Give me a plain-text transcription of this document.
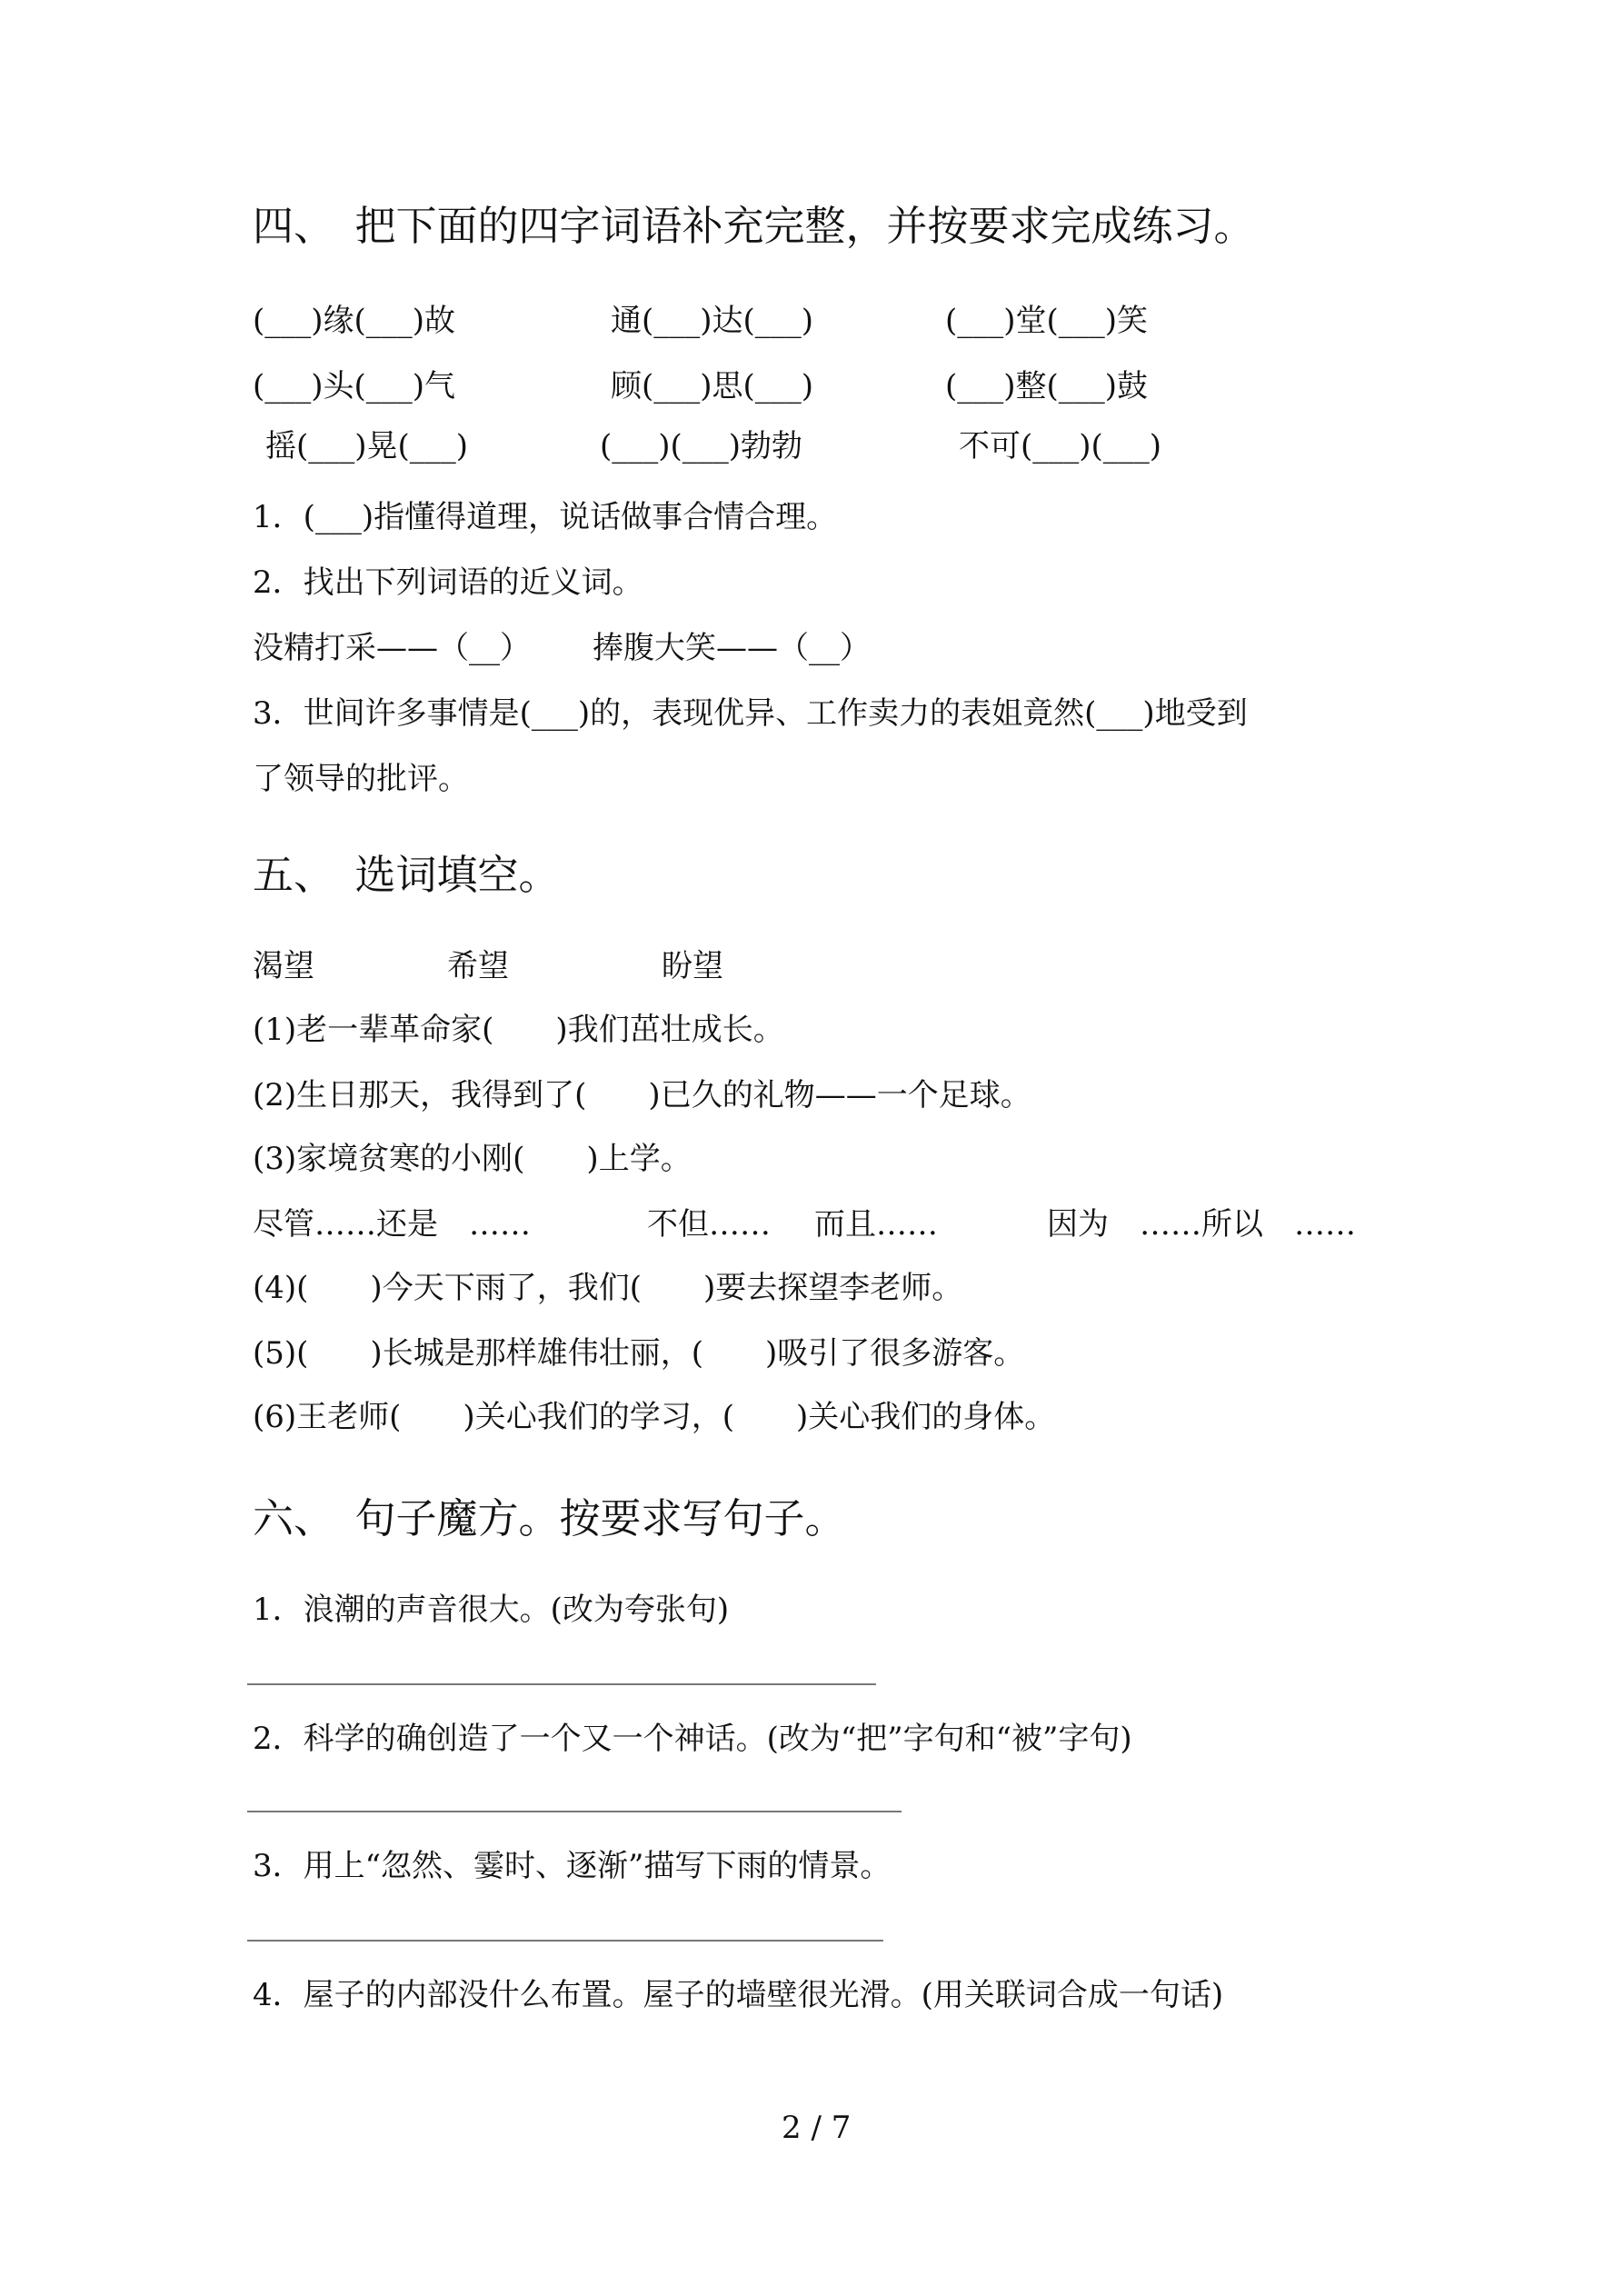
四、　把下面的四字词语补充完整，并按要求完成练习。
(___)缘(___)故	通(___)达(___)	(___)堂(___)笑
(___)头(___)气	顾(___)思(___)	(___)整(___)鼓
摇(___)晃(___)	(___)(___)勃勃	不可(___)(___)
1．(___)指懂得道理，说话做事合情合理。
2．找出下列词语的近义词。
没精打采——（__） 捧腹大笑——（__）
3．世间许多事情是(___)的，表现优异、工作卖力的表姐竟然(___)地受到
了领导的批评。
五、　选词填空。
渴望	希望	盼望
(1)老一辈革命家(　　)我们茁壮成长。
(2)生日那天，我得到了(　　)已久的礼物——一个足球。
(3)家境贫寒的小刚(　　)上学。
尽管……还是　……	不但…… 而且……	因为　……所以　……
(4)(　　)今天下雨了，我们(　　)要去探望李老师。
(5)(　　)长城是那样雄伟壮丽，(　　)吸引了很多游客。
(6)王老师(　　)关心我们的学习，(　　)关心我们的身体。
六、　句子魔方。按要求写句子。
1．浪潮的声音很大。(改为夸张句)
2．科学的确创造了一个又一个神话。(改为“把”字句和“被”字句)
3．用上“忽然、霎时、逐渐”描写下雨的情景。
4．屋子的内部没什么布置。屋子的墙壁很光滑。(用关联词合成一句话)
2 / 7
